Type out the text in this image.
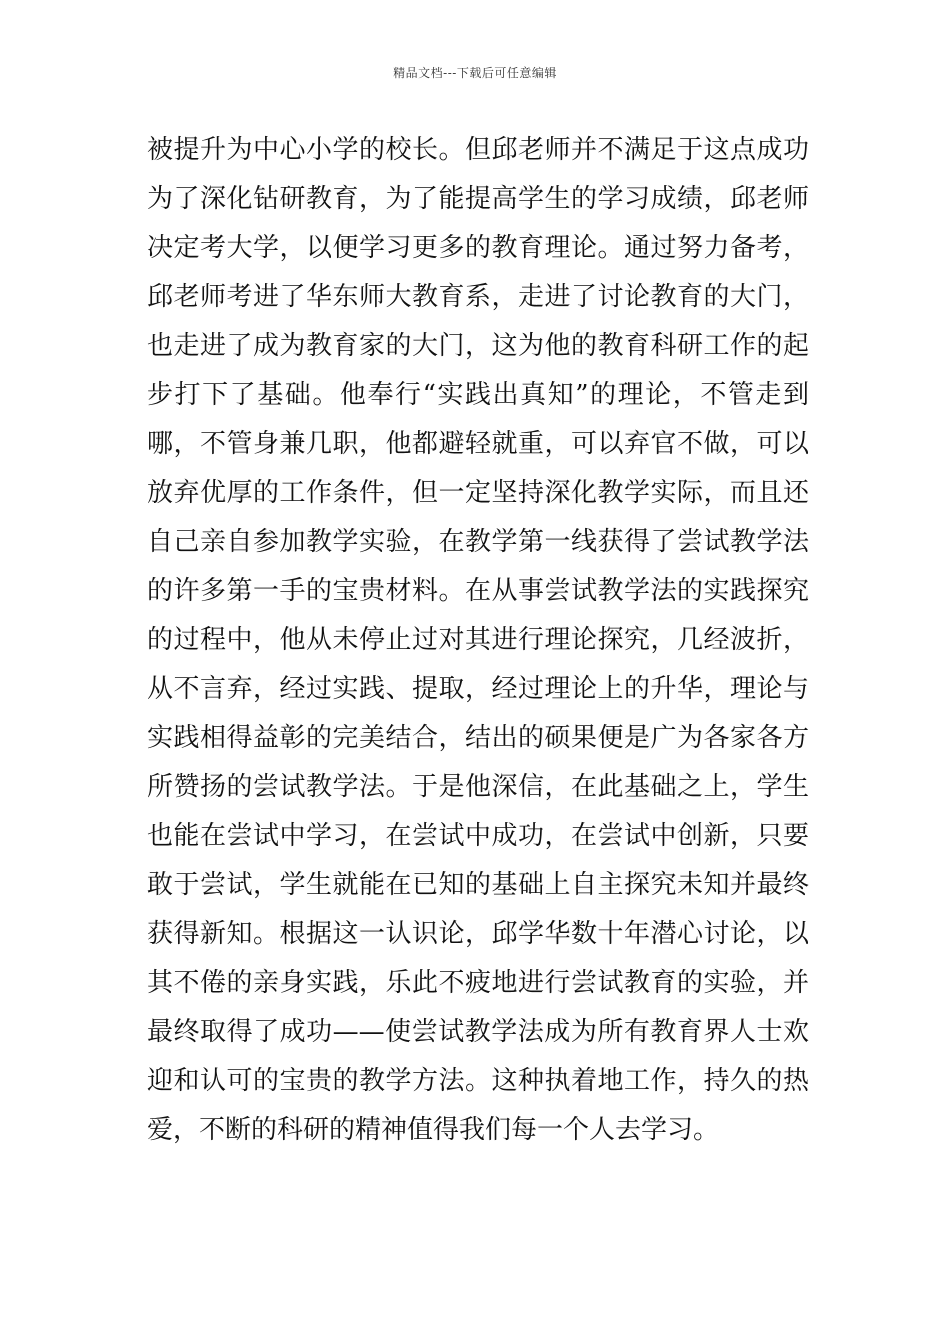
精品文档---下载后可任意编辑
被提升为中心小学的校长。但邱老师并不满足于这点成功
为了深化钻研教育，为了能提高学生的学习成绩，邱老师
决定考大学，以便学习更多的教育理论。通过努力备考，
邱老师考进了华东师大教育系，走进了讨论教育的大门，
也走进了成为教育家的大门，这为他的教育科研工作的起
步打下了基础。他奉行“实践出真知”的理论，不管走到
哪，不管身兼几职，他都避轻就重，可以弃官不做，可以
放弃优厚的工作条件，但一定坚持深化教学实际，而且还
自己亲自参加教学实验，在教学第一线获得了尝试教学法
的许多第一手的宝贵材料。在从事尝试教学法的实践探究
的过程中，他从未停止过对其进行理论探究，几经波折，
从不言弃，经过实践、提取，经过理论上的升华，理论与
实践相得益彰的完美结合，结出的硕果便是广为各家各方
所赞扬的尝试教学法。于是他深信，在此基础之上，学生
也能在尝试中学习，在尝试中成功，在尝试中创新，只要
敢于尝试，学生就能在已知的基础上自主探究未知并最终
获得新知。根据这一认识论，邱学华数十年潜心讨论，以
其不倦的亲身实践，乐此不疲地进行尝试教育的实验，并
最终取得了成功——使尝试教学法成为所有教育界人士欢
迎和认可的宝贵的教学方法。这种执着地工作，持久的热
爱，不断的科研的精神值得我们每一个人去学习。
